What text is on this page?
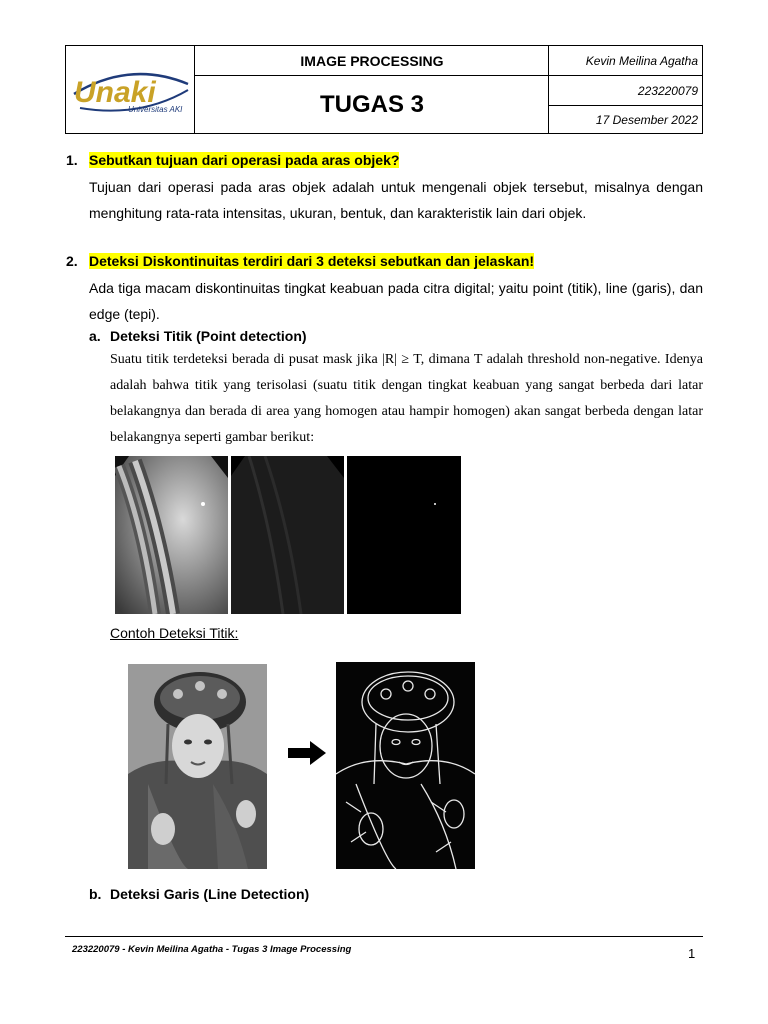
Unaki
Universitas AKI
IMAGE PROCESSING
TUGAS 3
Kevin Meilina Agatha
223220079
17 Desember 2022
1. Sebutkan tujuan dari operasi pada aras objek?
Tujuan dari operasi pada aras objek adalah untuk mengenali objek tersebut, misalnya dengan menghitung rata-rata intensitas, ukuran, bentuk, dan karakteristik lain dari objek.
2. Deteksi Diskontinuitas terdiri dari 3 deteksi sebutkan dan jelaskan!
Ada tiga macam diskontinuitas tingkat keabuan pada citra digital; yaitu point (titik), line (garis), dan edge (tepi).
a. Deteksi Titik (Point detection)
Suatu titik terdeteksi berada di pusat mask jika |R| ≥ T, dimana T adalah threshold non-negative. Idenya adalah bahwa titik yang terisolasi (suatu titik dengan tingkat keabuan yang sangat berbeda dari latar belakangnya dan berada di area yang homogen atau hampir homogen) akan sangat berbeda dengan latar belakangnya seperti gambar berikut:
Contoh Deteksi Titik:
b. Deteksi Garis (Line Detection)
223220079 - Kevin Meilina Agatha - Tugas 3 Image Processing	1
